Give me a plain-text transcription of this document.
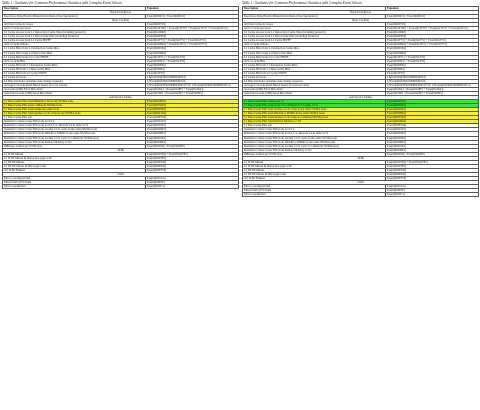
Table 1: Guidance for Common Performance Statistics with Complex Event Selects
Description	Equation
Branch Prediction	
Execution-Time Branch Misprediction Ratio (Non-Speculative)	Event[0x00C5] / Event[0x00C2]
Basic Caching	
All Data Cache Accesses	Event[0x00729]
All L2 Cache Accesses	Event[0x1F160] + Event[0x1F70] + Event[0x1F71] + Event[0x1F72]
L2 Cache Access from L1 Instruction Cache Miss (including prefetch)	Event[0x10060]
L2 Cache Access from L1 Data Cache Miss (including Prefetch)	Event[0x0E060]
L2 Cache Access from L2 Cache HWPF	Event[0x1F70] + Event[0x1F71] + Event[0x1F72]
All L2 Cache Misses	Event[0x00864] + Event[0x1F71] + Event[0x1F72]
L2 Cache Miss from L1 Instruction Cache Miss	Event[0x00164]
L2 Cache Miss from L1 Data Cache Miss	Event[0x00864]
L2 Cache Miss from L2 Cache HWPF	Event[0x1F71] + Event[0x1F72]
All L2 Cache Hits	Event[0xF064] + Event[0x1F70]
L2 Cache Hit from L1 Instruction Cache Miss	Event[0x00064]
L2 Cache Hit from L1 Data Cache Miss	Event[0xF064]
L2 Cache Hit from L2 Cache HWPF	Event[0x1F70]
L3 Cache Accesses	L3Event[0x0300C00080040F04]
L3 Miss (includes cacheline state change requests)	L3Event[0x0300C00080040104]
Average L3 Cache Read Miss Latency (in core clocks)	L3Event[0x0303C000800450C2]*16/ L3Event[0x0300C000800450C2]
Op Cache (64B) Fetch Miss Ratio	Event[0x28A] / (Event[0x28F] + Event[0x28A])
Instruction Cache (32B) Fetch Miss Ratio	Event[0x18E] / (Event[0x18E] + Event[0x06E])
Advanced Caching	
L1 Data Cache Fills from DRAM or IO in any NUMA node	Event[0x04844]
L1 Data Cache Fills from a different NUMA node	Event[0x05044]
L1 Data Cache Fills from within the same CCX	Event[0x00344]
L1 Data Cache Fills from another CCX cache in any NUMA node	Event[0x01444]
L1 Data Cache Fills All	Event[0x0FF44]
Demand L1 Data Cache Fills from local L2	Event[0x00143]
Demand L1 Data Cache Fills from local L3 or different L2 in same CCX	Event[0x00243]
Demand L1 Data Cache Fills from another CCX cache in the same NUMA node	Event[0x00443]
Demand L1 Data Cache Fills from DRAM or MMIO in the same NUMA node	Event[0x00843]
Demand L1 Data Cache Fills from another CCX cache in a different NUMA node	Event[0x01043]
Demand L1 Data Cache Fills from Remote Memory or IO	Event[0x04043]
64B lines written per WCB close	Event[0x0950] / Event[0x02B0]
TLBs	
L1 ITLB Misses	Event[0x00784] + Event[0x00785]
L2 ITLB Misses & Instruction page walk	Event[0x00785]
L1 DTLB Misses	Event[0x0FF45]
L2 DTLB Misses & Data page walk	Event[0x0F045]
All TLBs Flushed	Event[0x0FF78]
Stalls	
Macro-ops Dispatched	Event[0x07AA]
Mixed SSE/AVX Stalls	Event[0x0E0E]
Macro-ops Retired	Event[0x00C1]
Table 1: Guidance for Common Performance Statistics with Complex Event Selects
Description	Equation
Branch Prediction	
Execution-Time Branch Misprediction Ratio (Non-Speculative)	Event[0x00C5] / Event[0x00C2]
Basic Caching	
All Data Cache Accesses	Event[0x00729]
All L2 Cache Accesses	Event[0x1F160] + Event[0x1F70] + Event[0x1F71] + Event[0x1F72]
L2 Cache Access from L1 Instruction Cache Miss (including prefetch)	Event[0x10060]
L2 Cache Access from L1 Data Cache Miss (including Prefetch)	Event[0x0E060]
L2 Cache Access from L2 Cache HWPF	Event[0x1F70] + Event[0x1F71] + Event[0x1F72]
All L2 Cache Misses	Event[0x00864] + Event[0x1F71] + Event[0x1F72]
L2 Cache Miss from L1 Instruction Cache Miss	Event[0x00164]
L2 Cache Miss from L1 Data Cache Miss	Event[0x00864]
L2 Cache Miss from L2 Cache HWPF	Event[0x1F71] + Event[0x1F72]
All L2 Cache Hits	Event[0xF064] + Event[0x1F70]
L2 Cache Hit from L1 Instruction Cache Miss	Event[0x00064]
L2 Cache Hit from L1 Data Cache Miss	Event[0xF064]
L2 Cache Hit from L2 Cache HWPF	Event[0x1F70]
L3 Cache Accesses	L3Event[0x0300C00080040F04]
L3 Miss (includes cacheline state change requests)	L3Event[0x0300C00080040104]
Average L3 Cache Read Miss Latency (in nanoseconds)	L3Event[0x0303C000800450C2]*16/ L3Event[0x0300C000800450C2]
Op Cache (64B) Fetch Miss Ratio	Event[0x28A] / (Event[0x28F] + Event[0x28A])
Instruction Cache (32B) Fetch Miss Ratio	Event[0x18E] / (Event[0x18E] + Event[0x06E])
Advanced Caching	
L1 Data Cache Fills from local L2	Event[0x00144]
L1 Data Cache Fills from local L3 or different L2 in same CCX	Event[0x00244]
L1 Data Cache Fills from another CCX cache in the same NUMA node	Event[0x00444]
L1 Data Cache Fills from DRAM or MMIO in the same NUMA node	Event[0x00844]
L1 Data Cache Fills from another CCX cache in a different NUMA node	Event[0x01044]
L1 Data Cache Fills from Remote Memory or IO	Event[0x04044]
L1 Data Cache Fills All	Event[0x0FF44]
Demand L1 Data Cache Fills from local L2	Event[0x00143]
Demand L1 Data Cache Fills from local L3 or different L2 in same CCX	Event[0x00243]
Demand L1 Data Cache Fills from another CCX cache in the same NUMA node	Event[0x00443]
Demand L1 Data Cache Fills from DRAM or MMIO in the same NUMA node	Event[0x00843]
Demand L1 Data Cache Fills from another CCX cache in a different NUMA node	Event[0x01043]
Demand L1 Data Cache Fills from Remote Memory or IO	Event[0x04043]
64B lines written per WCB close	Event[0x0950] / Event[0x02B0]
TLBs	
L1 ITLB Misses	Event[0x00784] + Event[0x00785]
L2 ITLB Misses & Instruction page walk	Event[0x00785]
L1 DTLB Misses	Event[0x0FF45]
L2 DTLB Misses & Data page walk	Event[0x0F045]
All TLBs Flushed	Event[0x0FF78]
Stalls	
Macro-ops Dispatched	Event[0x07AA]
Mixed SSE/AVX Stalls	Event[0x0E0E]
Macro-ops Retired	Event[0x00C1]
